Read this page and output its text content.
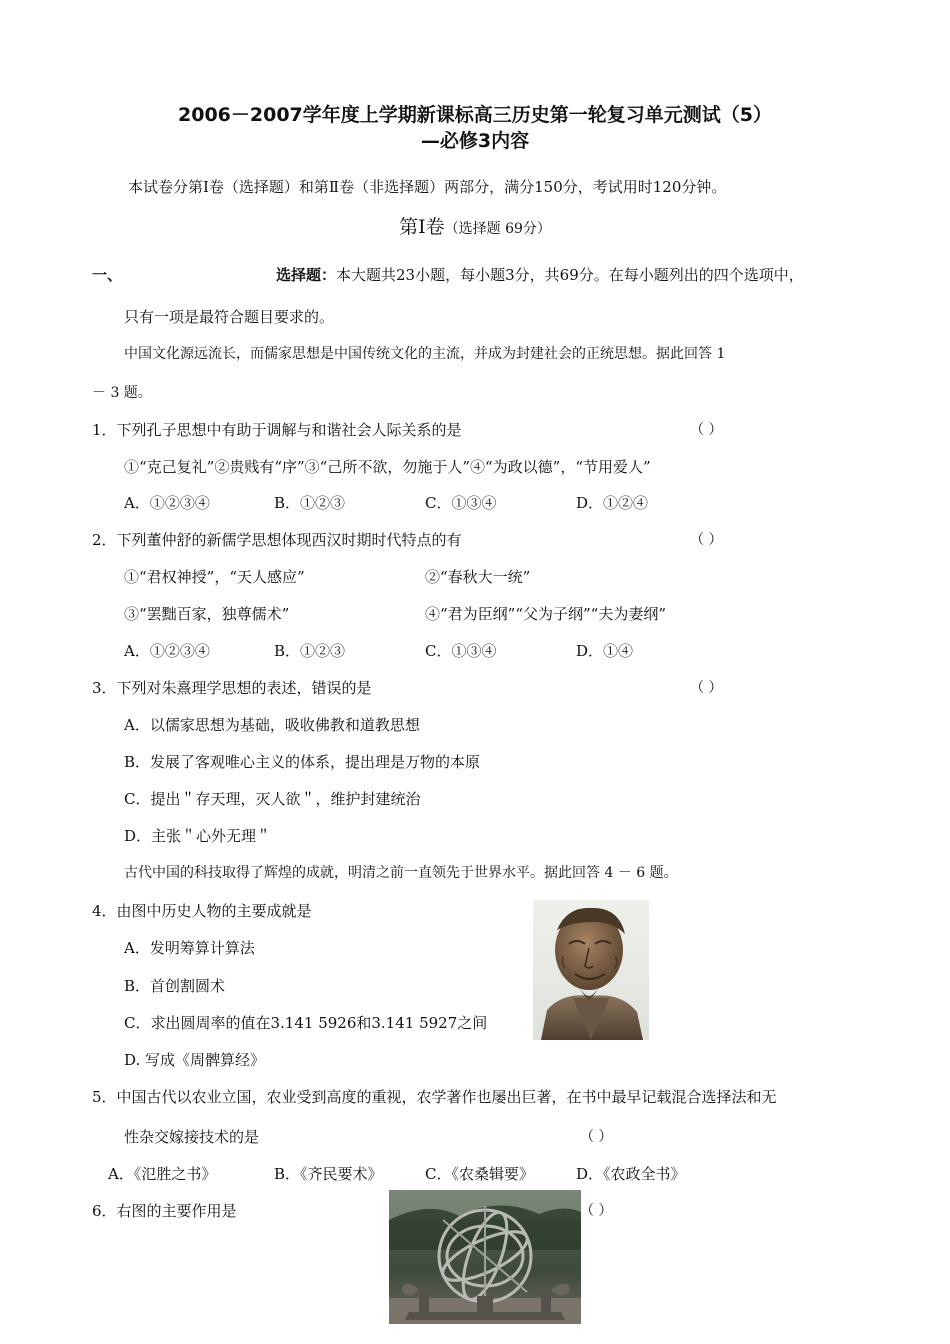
2006－2007学年度上学期新课标高三历史第一轮复习单元测试（5）
—必修3内容
本试卷分第Ⅰ卷（选择题）和第Ⅱ卷（非选择题）两部分，满分150分，考试用时120分钟。
第Ⅰ卷（选择题 69分）
一、	选择题：本大题共23小题，每小题3分，共69分。在每小题列出的四个选项中，
只有一项是最符合题目要求的。
中国文化源远流长，而儒家思想是中国传统文化的主流，并成为封建社会的正统思想。据此回答 1
－ 3 题。
1．下列孔子思想中有助于调解与和谐社会人际关系的是	（ ）
①“克己复礼”②贵贱有“序”③“己所不欲，勿施于人”④“为政以德”，“节用爱人”
A．①②③④	B．①②③	C．①③④	D．①②④
2．下列董仲舒的新儒学思想体现西汉时期时代特点的有	（ ）
①“君权神授”，“天人感应”	②“春秋大一统”
③“罢黜百家，独尊儒术”	④“君为臣纲”“父为子纲”“夫为妻纲”
A．①②③④	B．①②③	C．①③④	D．①④
3．下列对朱熹理学思想的表述，错误的是	（ ）
A．以儒家思想为基础，吸收佛教和道教思想
B．发展了客观唯心主义的体系，提出理是万物的本原
C．提出＂存天理，灭人欲＂，维护封建统治
D．主张＂心外无理＂
古代中国的科技取得了辉煌的成就，明清之前一直领先于世界水平。据此回答 4 － 6 题。
4．由图中历史人物的主要成就是
A．发明筹算计算法
B．首创割圆术
C．求出圆周率的值在3.141 5926和3.141 5927之间
D. 写成《周髀算经》
5．中国古代以农业立国，农业受到高度的重视，农学著作也屡出巨著，在书中最早记载混合选择法和无
性杂交嫁接技术的是	（ ）
A．《氾胜之书》	B．《齐民要术》	C．《农桑辑要》	D．《农政全书》
6．右图的主要作用是	（ ）
